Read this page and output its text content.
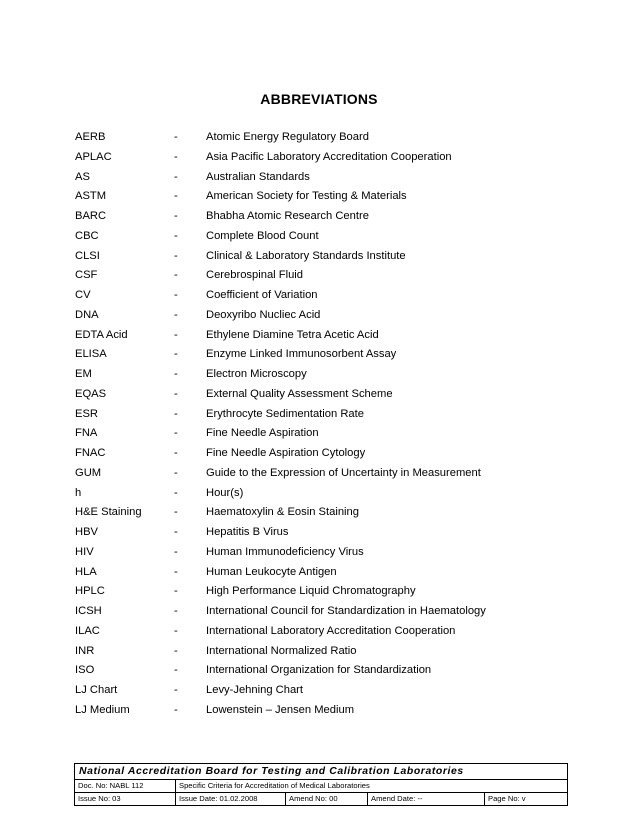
ABBREVIATIONS
AERB	-	Atomic Energy Regulatory Board
APLAC	-	Asia Pacific Laboratory Accreditation Cooperation
AS	-	Australian Standards
ASTM	-	American Society for Testing & Materials
BARC	-	Bhabha Atomic Research Centre
CBC	-	Complete Blood Count
CLSI	-	Clinical & Laboratory Standards Institute
CSF	-	Cerebrospinal Fluid
CV	-	Coefficient of Variation
DNA	-	Deoxyribo Nucliec Acid
EDTA Acid	-	Ethylene Diamine Tetra Acetic Acid
ELISA	-	Enzyme Linked Immunosorbent Assay
EM	-	Electron Microscopy
EQAS	-	External Quality Assessment Scheme
ESR	-	Erythrocyte Sedimentation Rate
FNA	-	Fine Needle Aspiration
FNAC	-	Fine Needle Aspiration Cytology
GUM	-	Guide to the Expression of Uncertainty in Measurement
h	-	Hour(s)
H&E Staining	-	Haematoxylin & Eosin Staining
HBV	-	Hepatitis B Virus
HIV	-	Human Immunodeficiency Virus
HLA	-	Human Leukocyte Antigen
HPLC	-	High Performance Liquid Chromatography
ICSH	-	International Council for Standardization in Haematology
ILAC	-	International Laboratory Accreditation Cooperation
INR	-	International Normalized Ratio
ISO	-	International Organization for Standardization
LJ Chart	-	Levy-Jehning Chart
LJ Medium	-	Lowenstein – Jensen Medium
National Accreditation Board for Testing and Calibration Laboratories
Doc. No: NABL 112	Specific Criteria for Accreditation of Medical Laboratories
Issue No: 03	Issue Date: 01.02.2008	Amend No: 00	Amend Date: --	Page No: v
